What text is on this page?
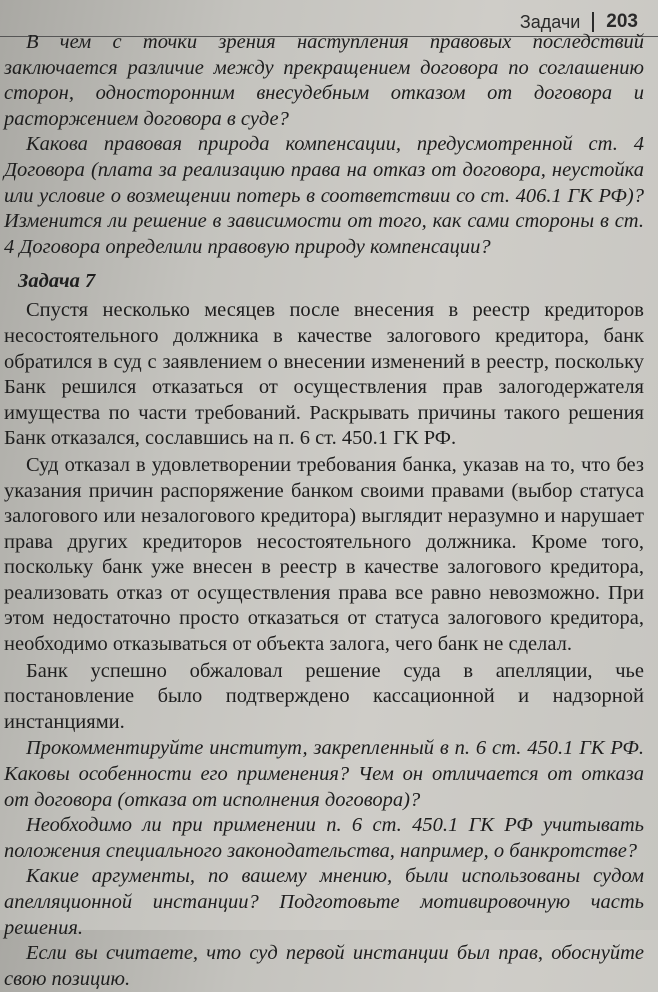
Задачи 203

В чем с точки зрения наступления правовых последствий заключается различие между прекращением договора по соглашению сторон, односторонним внесудебным отказом от договора и расторжением договора в суде?

Какова правовая природа компенсации, предусмотренной ст. 4 Договора (плата за реализацию права на отказ от договора, неустойка или условие о возмещении потерь в соответствии со ст. 406.1 ГК РФ)? Изменится ли решение в зависимости от того, как сами стороны в ст. 4 Договора определили правовую природу компенсации?

Задача 7

Спустя несколько месяцев после внесения в реестр кредиторов несостоятельного должника в качестве залогового кредитора, банк обратился в суд с заявлением о внесении изменений в реестр, поскольку Банк решился отказаться от осуществления прав залогодержателя имущества по части требований. Раскрывать причины такого решения Банк отказался, сославшись на п. 6 ст. 450.1 ГК РФ.

Суд отказал в удовлетворении требования банка, указав на то, что без указания причин распоряжение банком своими правами (выбор статуса залогового или незалогового кредитора) выглядит неразумно и нарушает права других кредиторов несостоятельного должника. Кроме того, поскольку банк уже внесен в реестр в качестве залогового кредитора, реализовать отказ от осуществления права все равно невозможно. При этом недостаточно просто отказаться от статуса залогового кредитора, необходимо отказываться от объекта залога, чего банк не сделал.

Банк успешно обжаловал решение суда в апелляции, чье постановление было подтверждено кассационной и надзорной инстанциями.

Прокомментируйте институт, закрепленный в п. 6 ст. 450.1 ГК РФ. Каковы особенности его применения? Чем он отличается от отказа от договора (отказа от исполнения договора)?

Необходимо ли при применении п. 6 ст. 450.1 ГК РФ учитывать положения специального законодательства, например, о банкротстве?

Какие аргументы, по вашему мнению, были использованы судом апелляционной инстанции? Подготовьте мотивировочную часть решения.

Если вы считаете, что суд первой инстанции был прав, обоснуйте свою позицию.
